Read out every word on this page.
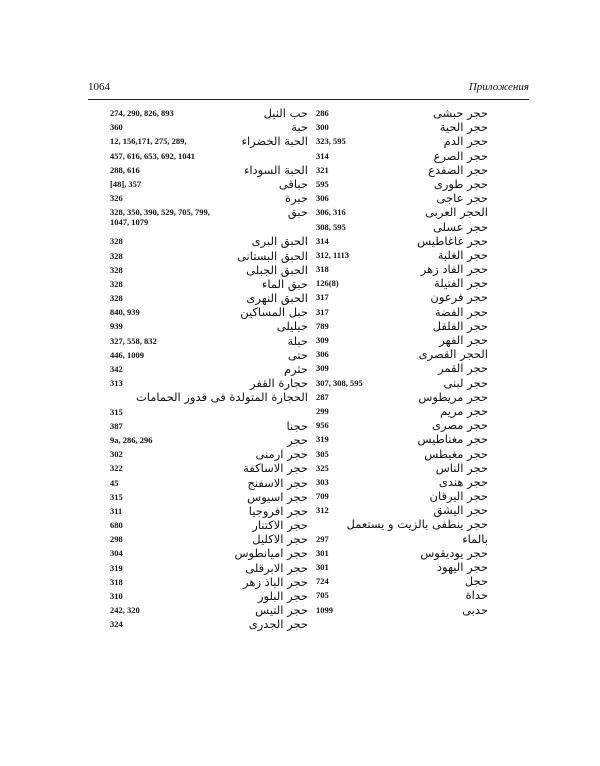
1064	Приложения
274, 290, 826, 893	حب النيل
360	حبة
12, 156,171, 275, 289,	الحبة الخضراء
457, 616, 653, 692, 1041
288, 616	الحبة السوداء
[48], 357	حباقى
326	حبرة
328, 350, 390, 529, 705, 799,
1047, 1079
حبق
328	الحبق البرى
328	الحبق البستانى
328	الحبق الجبلى
328	حبق الماء
328	الحبق النهرى
840, 939	حبل المساكين
939	حبليلى
327, 558, 832	حبلة
446, 1009	حتى
342	حثرم
313	حجارة القفر
الحجارة المتولدة فى قدور الحمامات
315
387	حجنا
9a, 286, 296	حجر
302	حجر ارمنى
322	حجر الاساكفة
45	حجر الاسفنج
315	حجر اسيوس
311	حجر افروجيا
680	حجر الاكتنار
298	حجر الاكليل
304	حجر اميانطوس
319	حجر الابرقلى
318	حجر الباذ زهر
310	حجر البلور
242, 320	حجر التيس
324	حجر الجدرى
286	حجر حبشى
300	حجر الحية
323, 595	حجر الدم
314	حجر الصرع
321	حجر الضفدع
595	حجر طورى
306	حجر عاجى
306, 316	الحجر العربى
308, 595	حجر عسلى
314	حجر غاغاطيس
312, 1113	حجر الغلبة
318	حجر الفاد زهر
126(8)	حجر الفتيلة
317	حجر فرعون
317	حجر الفضة
789	حجر الفلفل
309	حجر الفهر
306	الحجر القصرى
309	حجر القمر
307, 308, 595	حجر لبنى
287	حجر مريطوس
299	حجر مريم
956	حجر مصرى
319	حجر مغناطيس
305	حجر مغيطس
325	حجر الناس
303	حجر هندى
709	حجر اليرقان
312	حجر اليشق
حجر ينطفى بالزيت و يستعمل
297	بالماء
301	حجر يوديقوس
301	حجر اليهود
724	حجل
705	حداة
1099	حدبى
